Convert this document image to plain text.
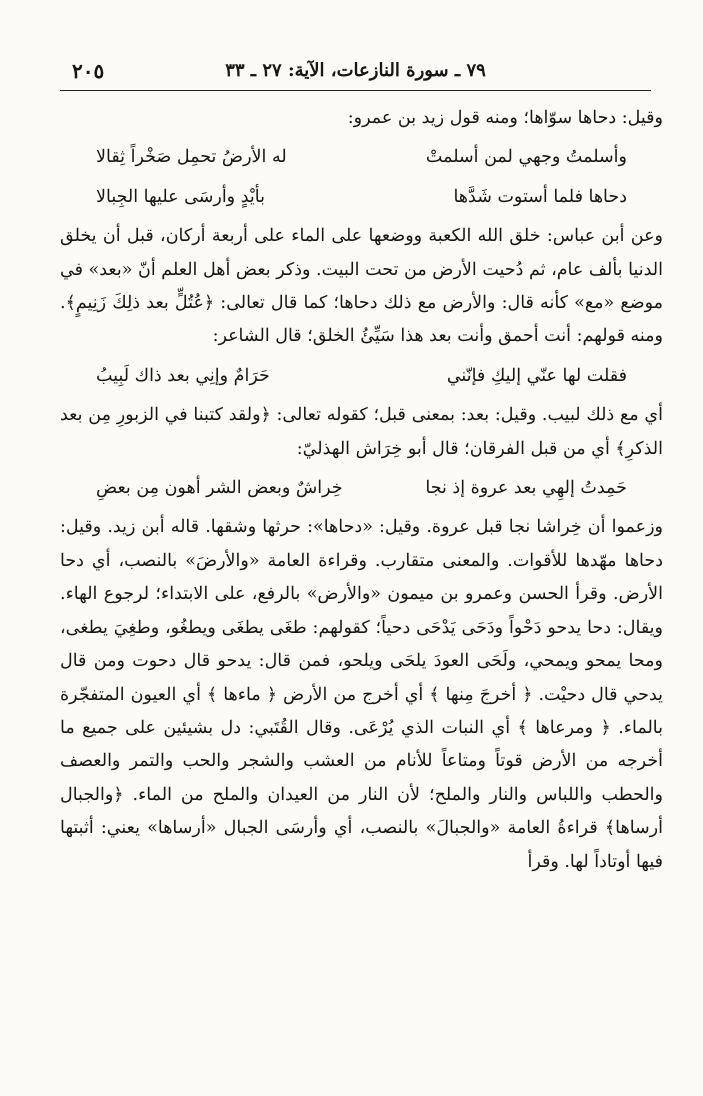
٧٩ ـ سورة النازعات، الآية: ٢٧ ـ ٣٣
٢٠٥

وقيل: دحاها سوّاها؛ ومنه قول زيد بن عمرو:

وأسلمتُ وجهي لمن أسلمتْ
له الأرضُ تحمِل صَخْراً ثِقالا
دحاها فلما أستوت شَدَّها
بأيْدٍ وأرسَى عليها الجِبالا

وعن أبن عباس: خلق الله الكعبة ووضعها على الماء على أربعة أركان، قبل أن يخلق الدنيا بألف عام، ثم دُحيت الأرض من تحت البيت. وذكر بعض أهل العلم أنّ «بعد» في موضع «مع» كأنه قال: والأرض مع ذلك دحاها؛ كما قال تعالى: ﴿عُتُلٍّ بعد ذلِكَ زَنِيمٍ﴾. ومنه قولهم: أنت أحمق وأنت بعد هذا سَيِّئُ الخلق؛ قال الشاعر:

فقلت لها عنّي إليكِ فإنّني
حَرَامٌ وإنِي بعد ذاك لَبِيبُ

أي مع ذلك لبيب. وقيل: بعد: بمعنى قبل؛ كقوله تعالى: ﴿ولقد كتبنا في الزبورِ مِن بعد الذكرِ﴾ أي من قبل الفرقان؛ قال أبو خِرَاش الهذليّ:

حَمِدتُ إلهِي بعد عروة إذ نجا
خِراشٌ وبعض الشر أهون مِن بعضِ

وزعموا أن خِراشا نجا قبل عروة. وقيل: «دحاها»: حرثها وشقها. قاله أبن زيد. وقيل: دحاها مهّدها للأقوات. والمعنى متقارب. وقراءة العامة «والأرضَ» بالنصب، أي دحا الأرض. وقرأ الحسن وعمرو بن ميمون «والأرض» بالرفع، على الابتداء؛ لرجوع الهاء. ويقال: دحا يدحو دَحْواً ودَحَى يَدْحَى دحياً؛ كقولهم: طغَى يطغَى ويطغُو، وطغِيَ يطغى، ومحا يمحو ويمحي، ولَحَى العودَ يلحَى ويلحو، فمن قال: يدحو قال دحوت ومن قال يدحي قال دحيْت. ﴿ أخرجَ مِنها ﴾ أي أخرج من الأرض ﴿ ماءها ﴾ أي العيون المتفجّرة بالماء. ﴿ ومرعاها ﴾ أي النبات الذي يُرْعَى. وقال القُتَبي: دل بشيئين على جميع ما أخرجه من الأرض قوتاً ومتاعاً للأنام من العشب والشجر والحب والتمر والعصف والحطب واللباس والنار والملح؛ لأن النار من العيدان والملح من الماء. ﴿والجبال أرساها﴾ قراءةُ العامة «والجبالَ» بالنصب، أي وأرسَى الجبال «أرساها» يعني: أثبتها فيها أوتاداً لها. وقرأ
